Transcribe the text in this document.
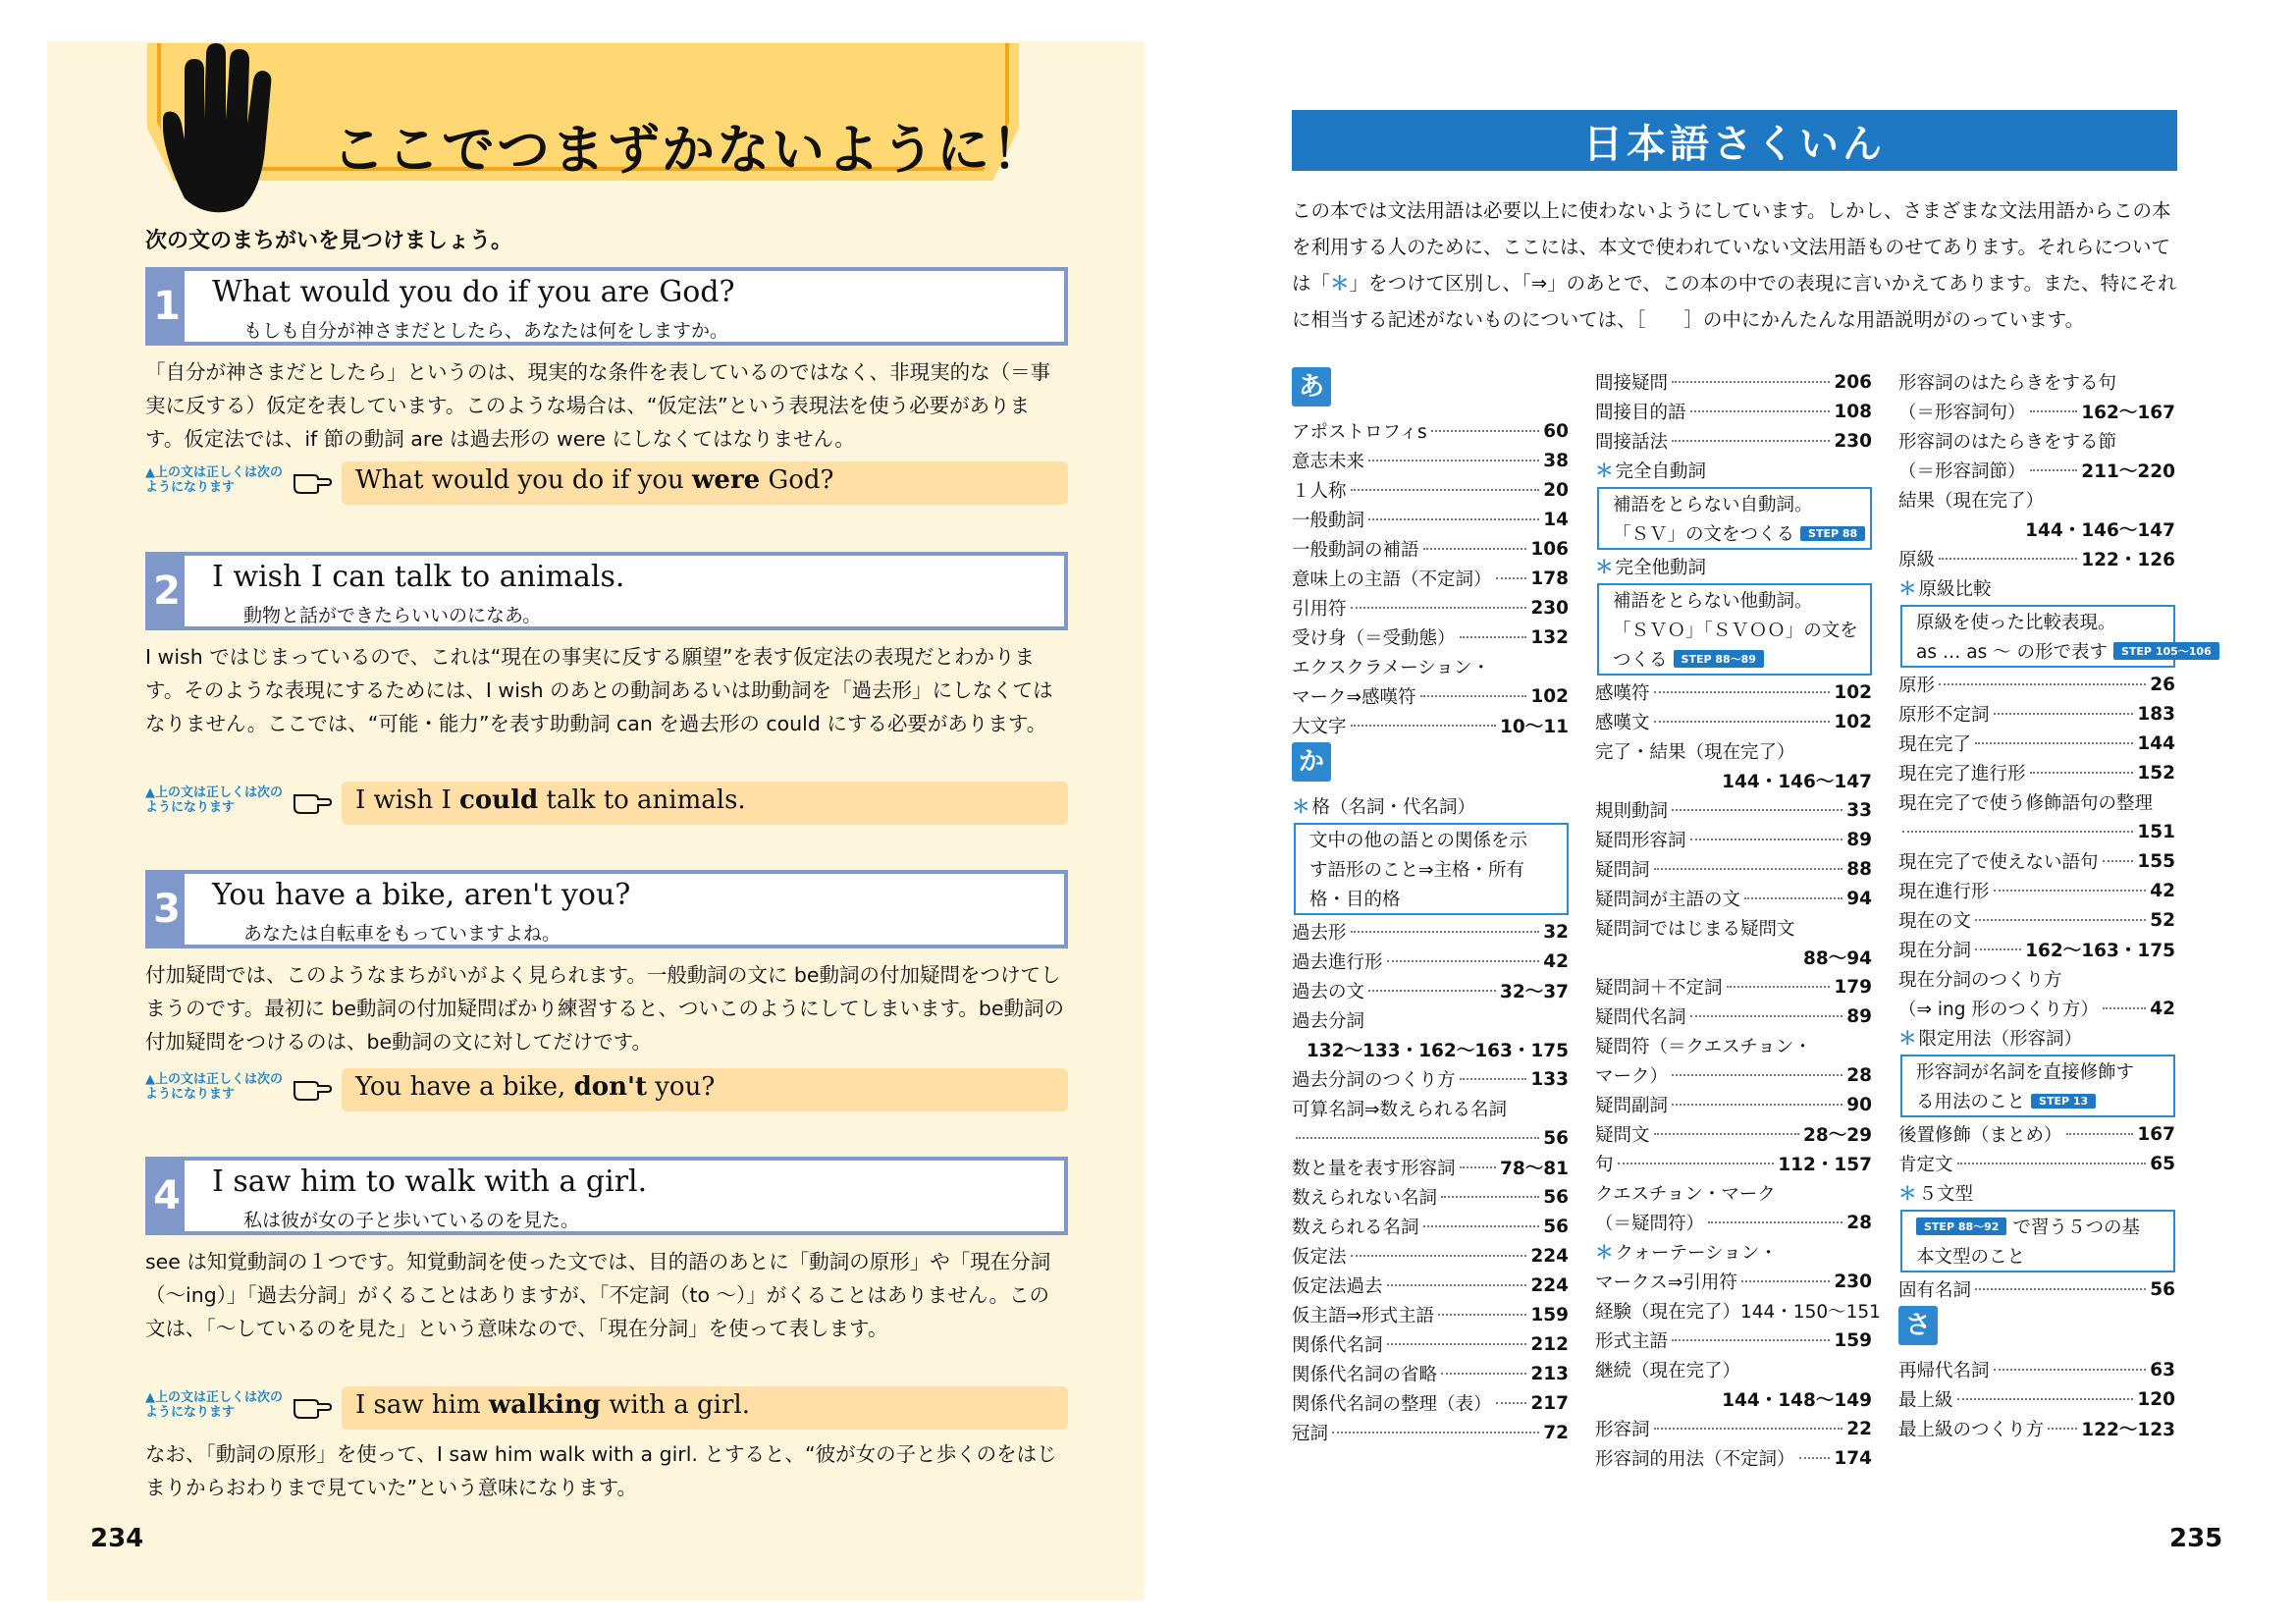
ここでつまずかないように！
次の文のまちがいを見つけましょう。
1 What would you do if you are God?
もしも自分が神さまだとしたら、あなたは何をしますか。
「自分が神さまだとしたら」というのは、現実的な条件を表しているのではなく、非現実的な（＝事実に反する）仮定を表しています。このような場合は、“仮定法”という表現法を使う必要があります。仮定法では、if 節の動詞 are は過去形の were にしなくてはなりません。
▲上の文は正しくは次のようになります	What would you do if you were God?
2 I wish I can talk to animals.
動物と話ができたらいいのになあ。
I wish ではじまっているので、これは“現在の事実に反する願望”を表す仮定法の表現だとわかります。そのような表現にするためには、I wish のあとの動詞あるいは助動詞を「過去形」にしなくてはなりません。ここでは、“可能・能力”を表す助動詞 can を過去形の could にする必要があります。
▲上の文は正しくは次のようになります	I wish I could talk to animals.
3 You have a bike, aren't you?
あなたは自転車をもっていますよね。
付加疑問では、このようなまちがいがよく見られます。一般動詞の文に be動詞の付加疑問をつけてしまうのです。最初に be動詞の付加疑問ばかり練習すると、ついこのようにしてしまいます。be動詞の付加疑問をつけるのは、be動詞の文に対してだけです。
▲上の文は正しくは次のようになります	You have a bike, don't you?
4 I saw him to walk with a girl.
私は彼が女の子と歩いているのを見た。
see は知覚動詞の１つです。知覚動詞を使った文では、目的語のあとに「動詞の原形」や「現在分詞（～ing）」「過去分詞」がくることはありますが、「不定詞（to ～）」がくることはありません。この文は、「～しているのを見た」という意味なので、「現在分詞」を使って表します。
▲上の文は正しくは次のようになります	I saw him walking with a girl.
なお、「動詞の原形」を使って、I saw him walk with a girl. とすると、“彼が女の子と歩くのをはじまりからおわりまで見ていた”という意味になります。
234
日本語さくいん
この本では文法用語は必要以上に使わないようにしています。しかし、さまざまな文法用語からこの本を利用する人のために、ここには、本文で使われていない文法用語ものせてあります。それらについては「＊」をつけて区別し、「⇒」のあとで、この本の中での表現に言いかえてあります。また、特にそれに相当する記述がないものについては、［　　］の中にかんたんな用語説明がのっています。
あ
アポストロフィs	60
意志未来	38
１人称	20
一般動詞	14
一般動詞の補語	106
意味上の主語（不定詞） 178
引用符	230
受け身（＝受動態）	132
エクスクラメーション・
マーク⇒感嘆符	102
大文字	10～11
か
＊ 格（名詞・代名詞）
文中の他の語との関係を示
す語形のこと⇒主格・所有
格・目的格
過去形	32
過去進行形	42
過去の文	32～37
過去分詞
132～133・162～163・175
過去分詞のつくり方	133
可算名詞⇒数えられる名詞
56
数と量を表す形容詞 78～81
数えられない名詞	56
数えられる名詞	56
仮定法	224
仮定法過去	224
仮主語⇒形式主語	159
関係代名詞	212
関係代名詞の省略	213
関係代名詞の整理（表） 217
冠詞	72
間接疑問	206
間接目的語	108
間接話法	230
＊ 完全自動詞
補語をとらない自動詞。
「ＳＶ」の文をつくる	STEP 88
＊ 完全他動詞
補語をとらない他動詞。
「ＳＶＯ」「ＳＶＯＯ」の文を
つくる	STEP 88～89
感嘆符	102
感嘆文	102
完了・結果（現在完了）
144・146～147
規則動詞	33
疑問形容詞	89
疑問詞	88
疑問詞が主語の文	94
疑問詞ではじまる疑問文
88～94
疑問詞＋不定詞	179
疑問代名詞	89
疑問符（＝クエスチョン・
マーク）	28
疑問副詞	90
疑問文	28～29
句	112・157
クエスチョン・マーク
（＝疑問符）	28
＊ クォーテーション・
マークス⇒引用符	230
経験（現在完了）144・150～151
形式主語	159
継続（現在完了）
144・148～149
形容詞	22
形容詞的用法（不定詞） 174
形容詞のはたらきをする句
（＝形容詞句）	162～167
形容詞のはたらきをする節
（＝形容詞節）	211～220
結果（現在完了）
144・146～147
原級	122・126
＊ 原級比較
原級を使った比較表現。
as … as ～ の形で表す	STEP 105～106
原形	26
原形不定詞	183
現在完了	144
現在完了進行形	152
現在完了で使う修飾語句の整理
151
現在完了で使えない語句 155
現在進行形	42
現在の文	52
現在分詞	162～163・175
現在分詞のつくり方
（⇒ ing 形のつくり方）	42
＊ 限定用法（形容詞）
形容詞が名詞を直接修飾す
る用法のこと	STEP 13
後置修飾（まとめ）	167
肯定文	65
＊ ５文型
STEP 88～92 で習う５つの基
本文型のこと
固有名詞	56
さ
再帰代名詞	63
最上級	120
最上級のつくり方 122～123
235
